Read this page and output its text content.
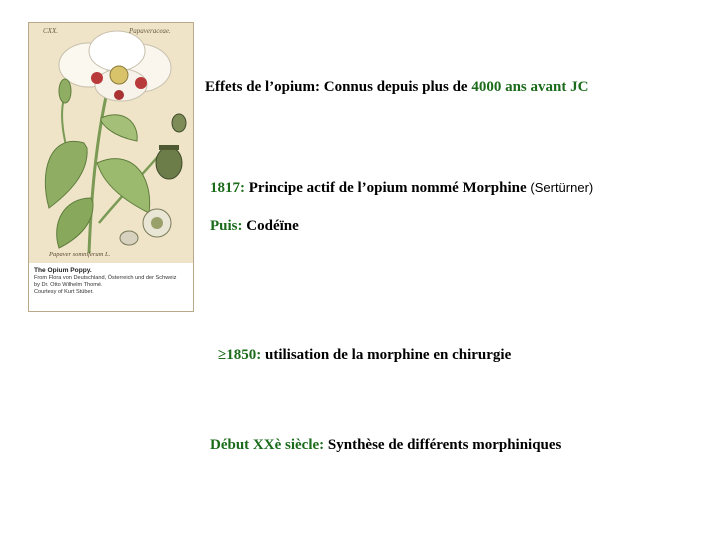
CXX.	Papaveraceae.
Papaver somniferum L.
The Opium Poppy.
From Flora von Deutschland, Österreich und der Schweiz
by Dr. Otto Wilhelm Thomé.
Courtesy of Kurt Stüber.
Effets de l’opium: Connus depuis plus de 4000 ans avant JC
1817: Principe actif de l’opium nommé Morphine (Sertürner)
Puis: Codéïne
≥1850: utilisation de la morphine en chirurgie
Début XXè siècle: Synthèse de différents morphiniques
